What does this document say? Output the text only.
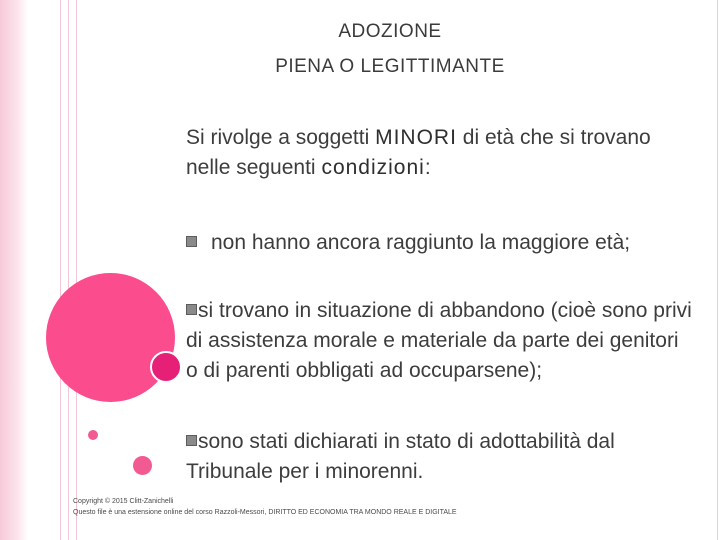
ADOZIONE
PIENA O LEGITTIMANTE
Si rivolge a soggetti MINORI di età che si trovano nelle seguenti condizioni:
non hanno ancora raggiunto la maggiore età;
si trovano in situazione di abbandono (cioè sono privi di assistenza morale e materiale da parte dei genitori o di parenti obbligati ad occuparsene);
sono stati dichiarati in stato di adottabilità dal Tribunale per i minorenni.
Copyright © 2015 Clitt-Zanichelli
Questo file è una estensione online del corso Razzoli-Messori, DIRITTO ED ECONOMIA TRA MONDO REALE E DIGITALE
